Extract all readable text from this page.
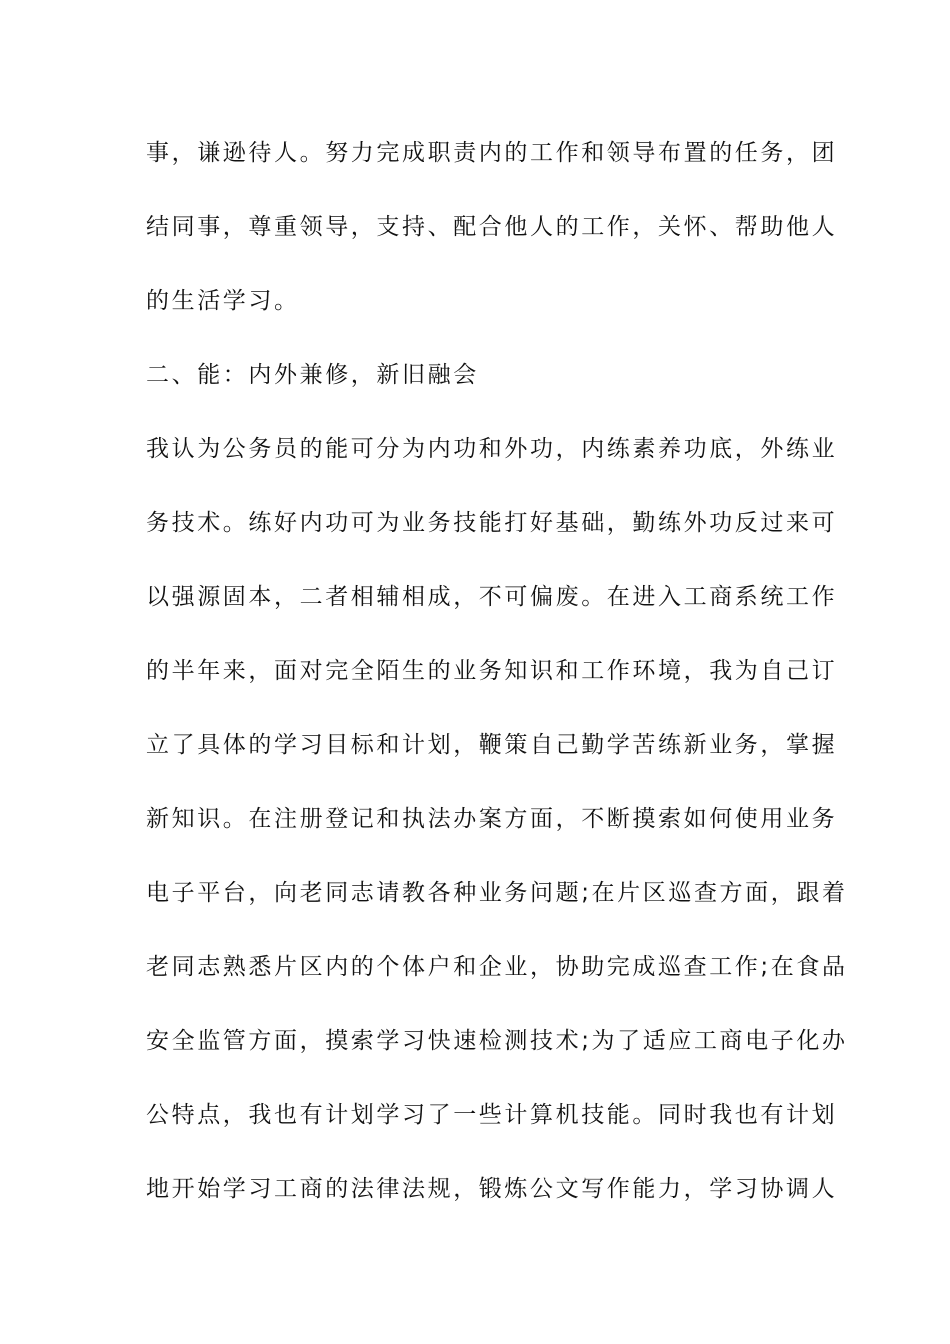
事，谦逊待人。努力完成职责内的工作和领导布置的任务，团
结同事，尊重领导，支持、配合他人的工作，关怀、帮助他人
的生活学习。
二、能：内外兼修，新旧融会
我认为公务员的能可分为内功和外功，内练素养功底，外练业
务技术。练好内功可为业务技能打好基础，勤练外功反过来可
以强源固本，二者相辅相成，不可偏废。在进入工商系统工作
的半年来，面对完全陌生的业务知识和工作环境，我为自己订
立了具体的学习目标和计划，鞭策自己勤学苦练新业务，掌握
新知识。在注册登记和执法办案方面，不断摸索如何使用业务
电子平台，向老同志请教各种业务问题;在片区巡查方面，跟着
老同志熟悉片区内的个体户和企业，协助完成巡查工作;在食品
安全监管方面，摸索学习快速检测技术;为了适应工商电子化办
公特点，我也有计划学习了一些计算机技能。同时我也有计划
地开始学习工商的法律法规，锻炼公文写作能力，学习协调人
